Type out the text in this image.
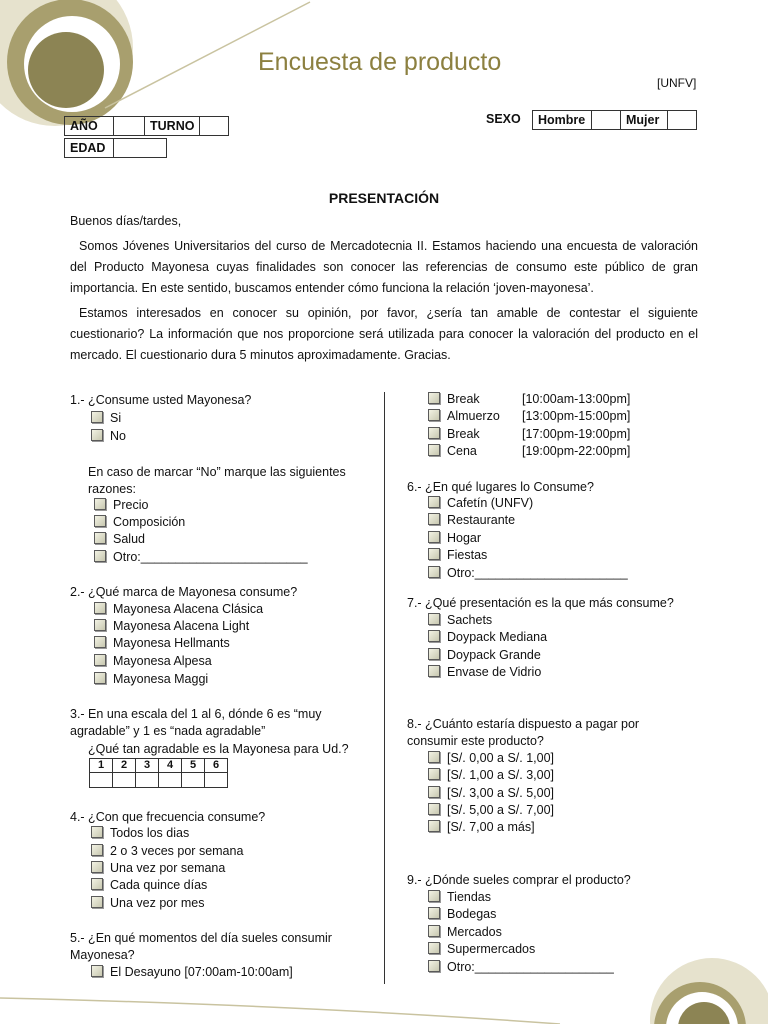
Encuesta de producto
[UNFV]
AÑO		TURNO	
EDAD	
SEXO Hombre		Mujer	
PRESENTACIÓN
Buenos días/tardes,
Somos Jóvenes Universitarios del curso de Mercadotecnia II. Estamos haciendo una encuesta de valoración del Producto Mayonesa cuyas finalidades son conocer las referencias de consumo este público de gran importancia. En este sentido, buscamos entender cómo funciona la relación ‘joven-mayonesa’.
Estamos interesados en conocer su opinión, por favor, ¿sería tan amable de contestar el siguiente cuestionario? La información que nos proporcione será utilizada para conocer la valoración del producto en el mercado. El cuestionario dura 5 minutos aproximadamente. Gracias.
1.- ¿Consume usted Mayonesa?
Si
No
En caso de marcar “No” marque las siguientes razones:
Precio
Composición
Salud
Otro:________________________
2.- ¿Qué marca de Mayonesa consume?
Mayonesa Alacena Clásica
Mayonesa Alacena Light
Mayonesa Hellmants
Mayonesa Alpesa
Mayonesa Maggi
3.- En una escala del 1 al 6, dónde 6 es “muy agradable” y 1 es “nada agradable”
¿Qué tan agradable es la Mayonesa para Ud.?
1	2	3	4	5	6

4.- ¿Con que frecuencia consume?
Todos los dias
2 o 3 veces por semana
Una vez por semana
Cada quince días
Una vez por mes
5.- ¿En qué momentos del día sueles consumir Mayonesa?
El Desayuno [07:00am-10:00am]
Break	[10:00am-13:00pm]
Almuerzo [13:00pm-15:00pm]
Break	[17:00pm-19:00pm]
Cena	[19:00pm-22:00pm]
6.- ¿En qué lugares lo Consume?
Cafetín (UNFV)
Restaurante
Hogar
Fiestas
Otro:______________________
7.- ¿Qué presentación es la que más consume?
Sachets
Doypack Mediana
Doypack Grande
Envase de Vidrio
8.- ¿Cuánto estaría dispuesto a pagar por consumir este producto?
[S/. 0,00 a S/. 1,00]
[S/. 1,00 a S/. 3,00]
[S/. 3,00 a S/. 5,00]
[S/. 5,00 a S/. 7,00]
[S/. 7,00 a más]
9.- ¿Dónde sueles comprar el producto?
Tiendas
Bodegas
Mercados
Supermercados
Otro:____________________
